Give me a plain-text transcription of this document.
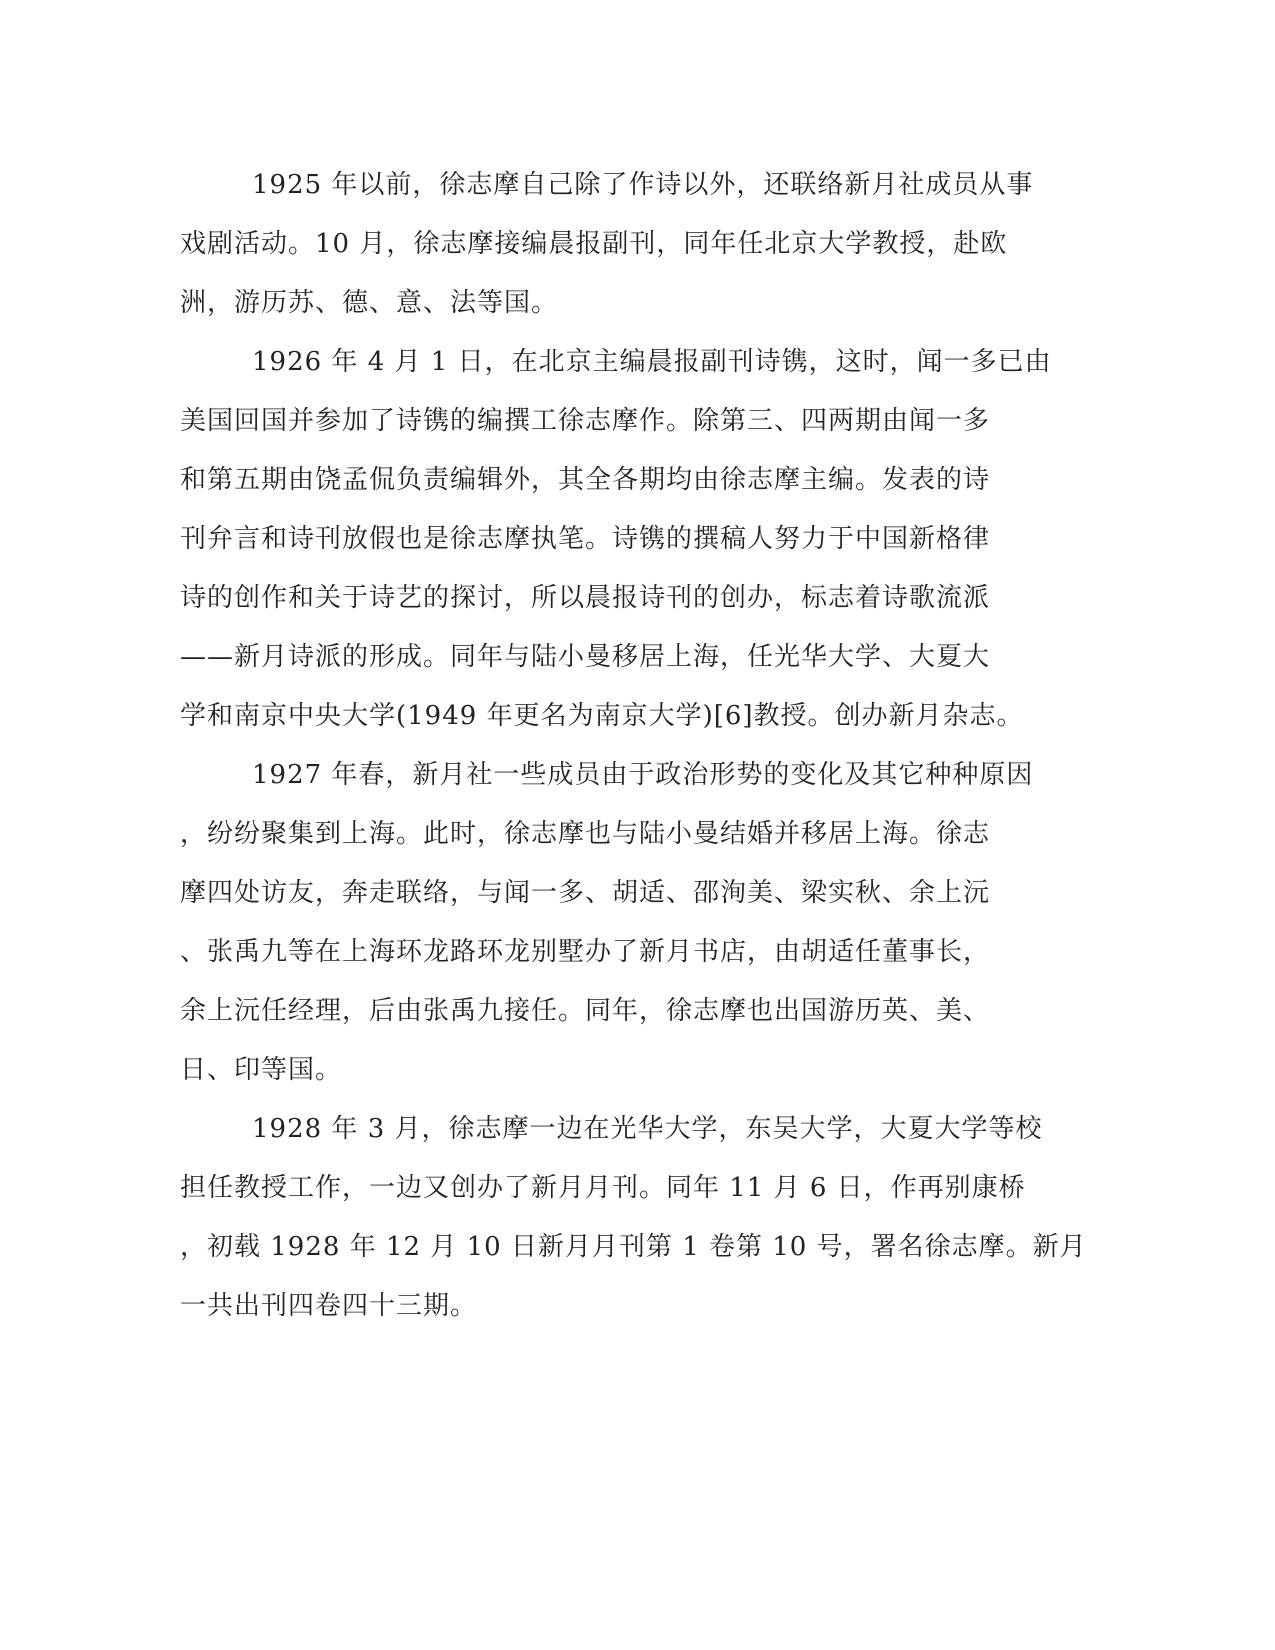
1925 年以前，徐志摩自己除了作诗以外，还联络新月社成员从事
戏剧活动。10 月，徐志摩接编晨报副刊，同年任北京大学教授，赴欧
洲，游历苏、德、意、法等国。
1926 年 4 月 1 日，在北京主编晨报副刊诗镌，这时，闻一多已由
美国回国并参加了诗镌的编撰工徐志摩作。除第三、四两期由闻一多
和第五期由饶孟侃负责编辑外，其全各期均由徐志摩主编。发表的诗
刊弁言和诗刊放假也是徐志摩执笔。诗镌的撰稿人努力于中国新格律
诗的创作和关于诗艺的探讨，所以晨报诗刊的创办，标志着诗歌流派
——新月诗派的形成。同年与陆小曼移居上海，任光华大学、大夏大
学和南京中央大学(1949 年更名为南京大学)[6]教授。创办新月杂志。
1927 年春，新月社一些成员由于政治形势的变化及其它种种原因
，纷纷聚集到上海。此时，徐志摩也与陆小曼结婚并移居上海。徐志
摩四处访友，奔走联络，与闻一多、胡适、邵洵美、梁实秋、余上沅
、张禹九等在上海环龙路环龙别墅办了新月书店，由胡适任董事长，
余上沅任经理，后由张禹九接任。同年，徐志摩也出国游历英、美、
日、印等国。
1928 年 3 月，徐志摩一边在光华大学，东吴大学，大夏大学等校
担任教授工作，一边又创办了新月月刊。同年 11 月 6 日，作再别康桥
，初载 1928 年 12 月 10 日新月月刊第 1 卷第 10 号，署名徐志摩。新月
一共出刊四卷四十三期。
